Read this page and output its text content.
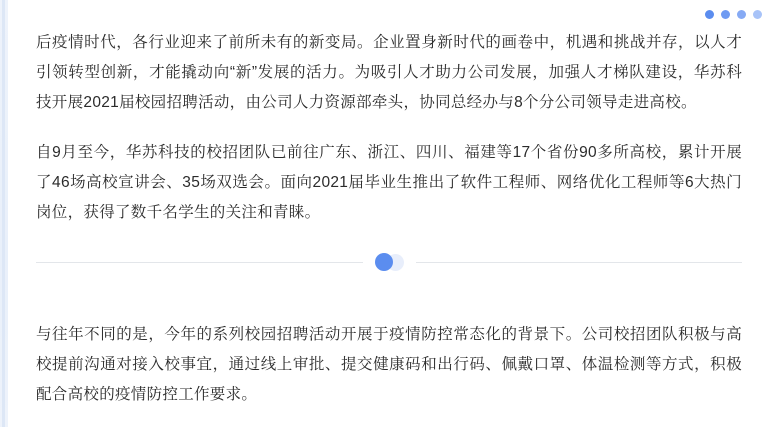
后疫情时代，各行业迎来了前所未有的新变局。企业置身新时代的画卷中，机遇和挑战并存，以人才引领转型创新，才能撬动向“新”发展的活力。为吸引人才助力公司发展，加强人才梯队建设，华苏科技开展2021届校园招聘活动，由公司人力资源部牵头，协同总经办与8个分公司领导走进高校。

自9月至今，华苏科技的校招团队已前往广东、浙江、四川、福建等17个省份90多所高校，累计开展了46场高校宣讲会、35场双选会。面向2021届毕业生推出了软件工程师、网络优化工程师等6大热门岗位，获得了数千名学生的关注和青睐。

与往年不同的是，今年的系列校园招聘活动开展于疫情防控常态化的背景下。公司校招团队积极与高校提前沟通对接入校事宜，通过线上审批、提交健康码和出行码、佩戴口罩、体温检测等方式，积极配合高校的疫情防控工作要求。
